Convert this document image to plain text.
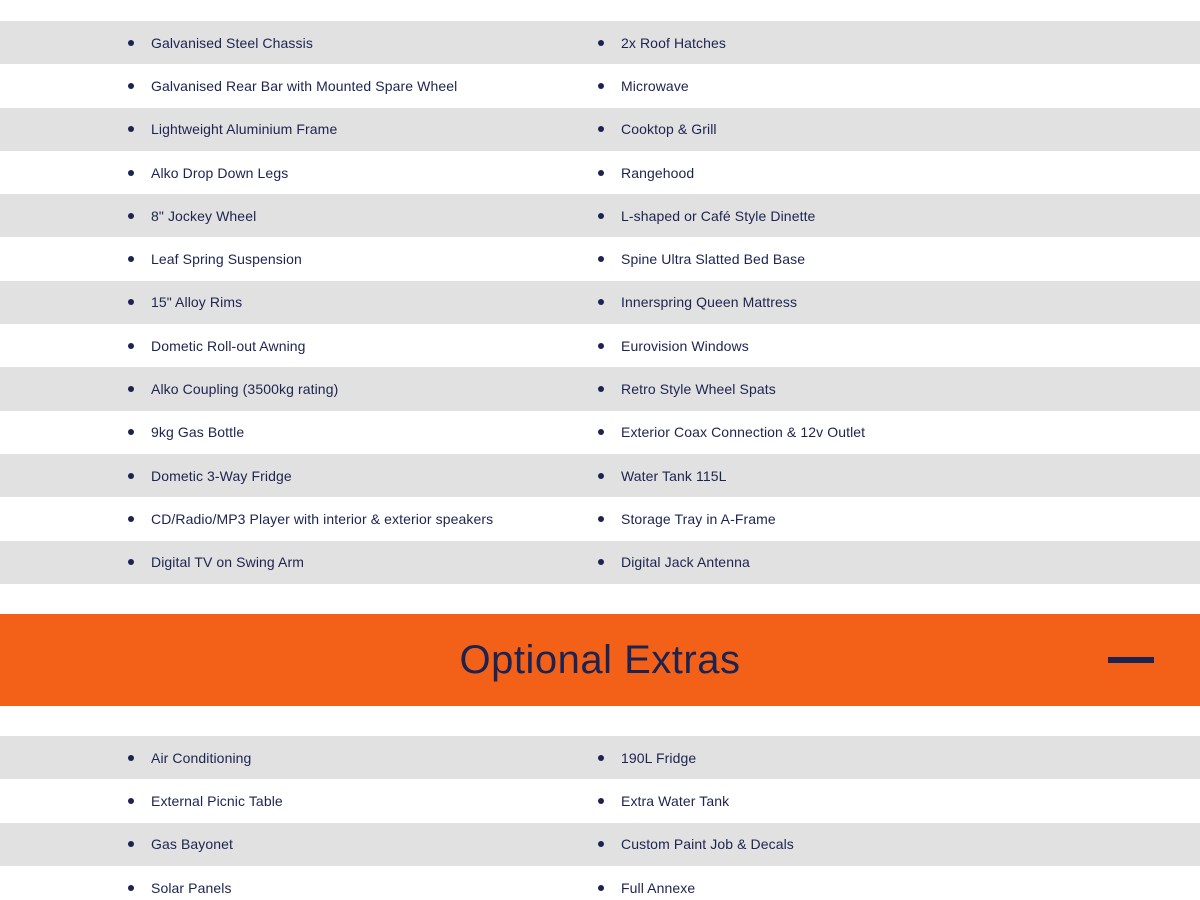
Galvanised Steel Chassis	2x Roof Hatches
Galvanised Rear Bar with Mounted Spare Wheel	Microwave
Lightweight Aluminium Frame	Cooktop & Grill
Alko Drop Down Legs	Rangehood
8" Jockey Wheel	L-shaped or Café Style Dinette
Leaf Spring Suspension	Spine Ultra Slatted Bed Base
15" Alloy Rims	Innerspring Queen Mattress
Dometic Roll-out Awning	Eurovision Windows
Alko Coupling (3500kg rating)	Retro Style Wheel Spats
9kg Gas Bottle	Exterior Coax Connection & 12v Outlet
Dometic 3-Way Fridge	Water Tank 115L
CD/Radio/MP3 Player with interior & exterior speakers	Storage Tray in A-Frame
Digital TV on Swing Arm	Digital Jack Antenna
Optional Extras
Air Conditioning	190L Fridge
External Picnic Table	Extra Water Tank
Gas Bayonet	Custom Paint Job & Decals
Solar Panels	Full Annexe
